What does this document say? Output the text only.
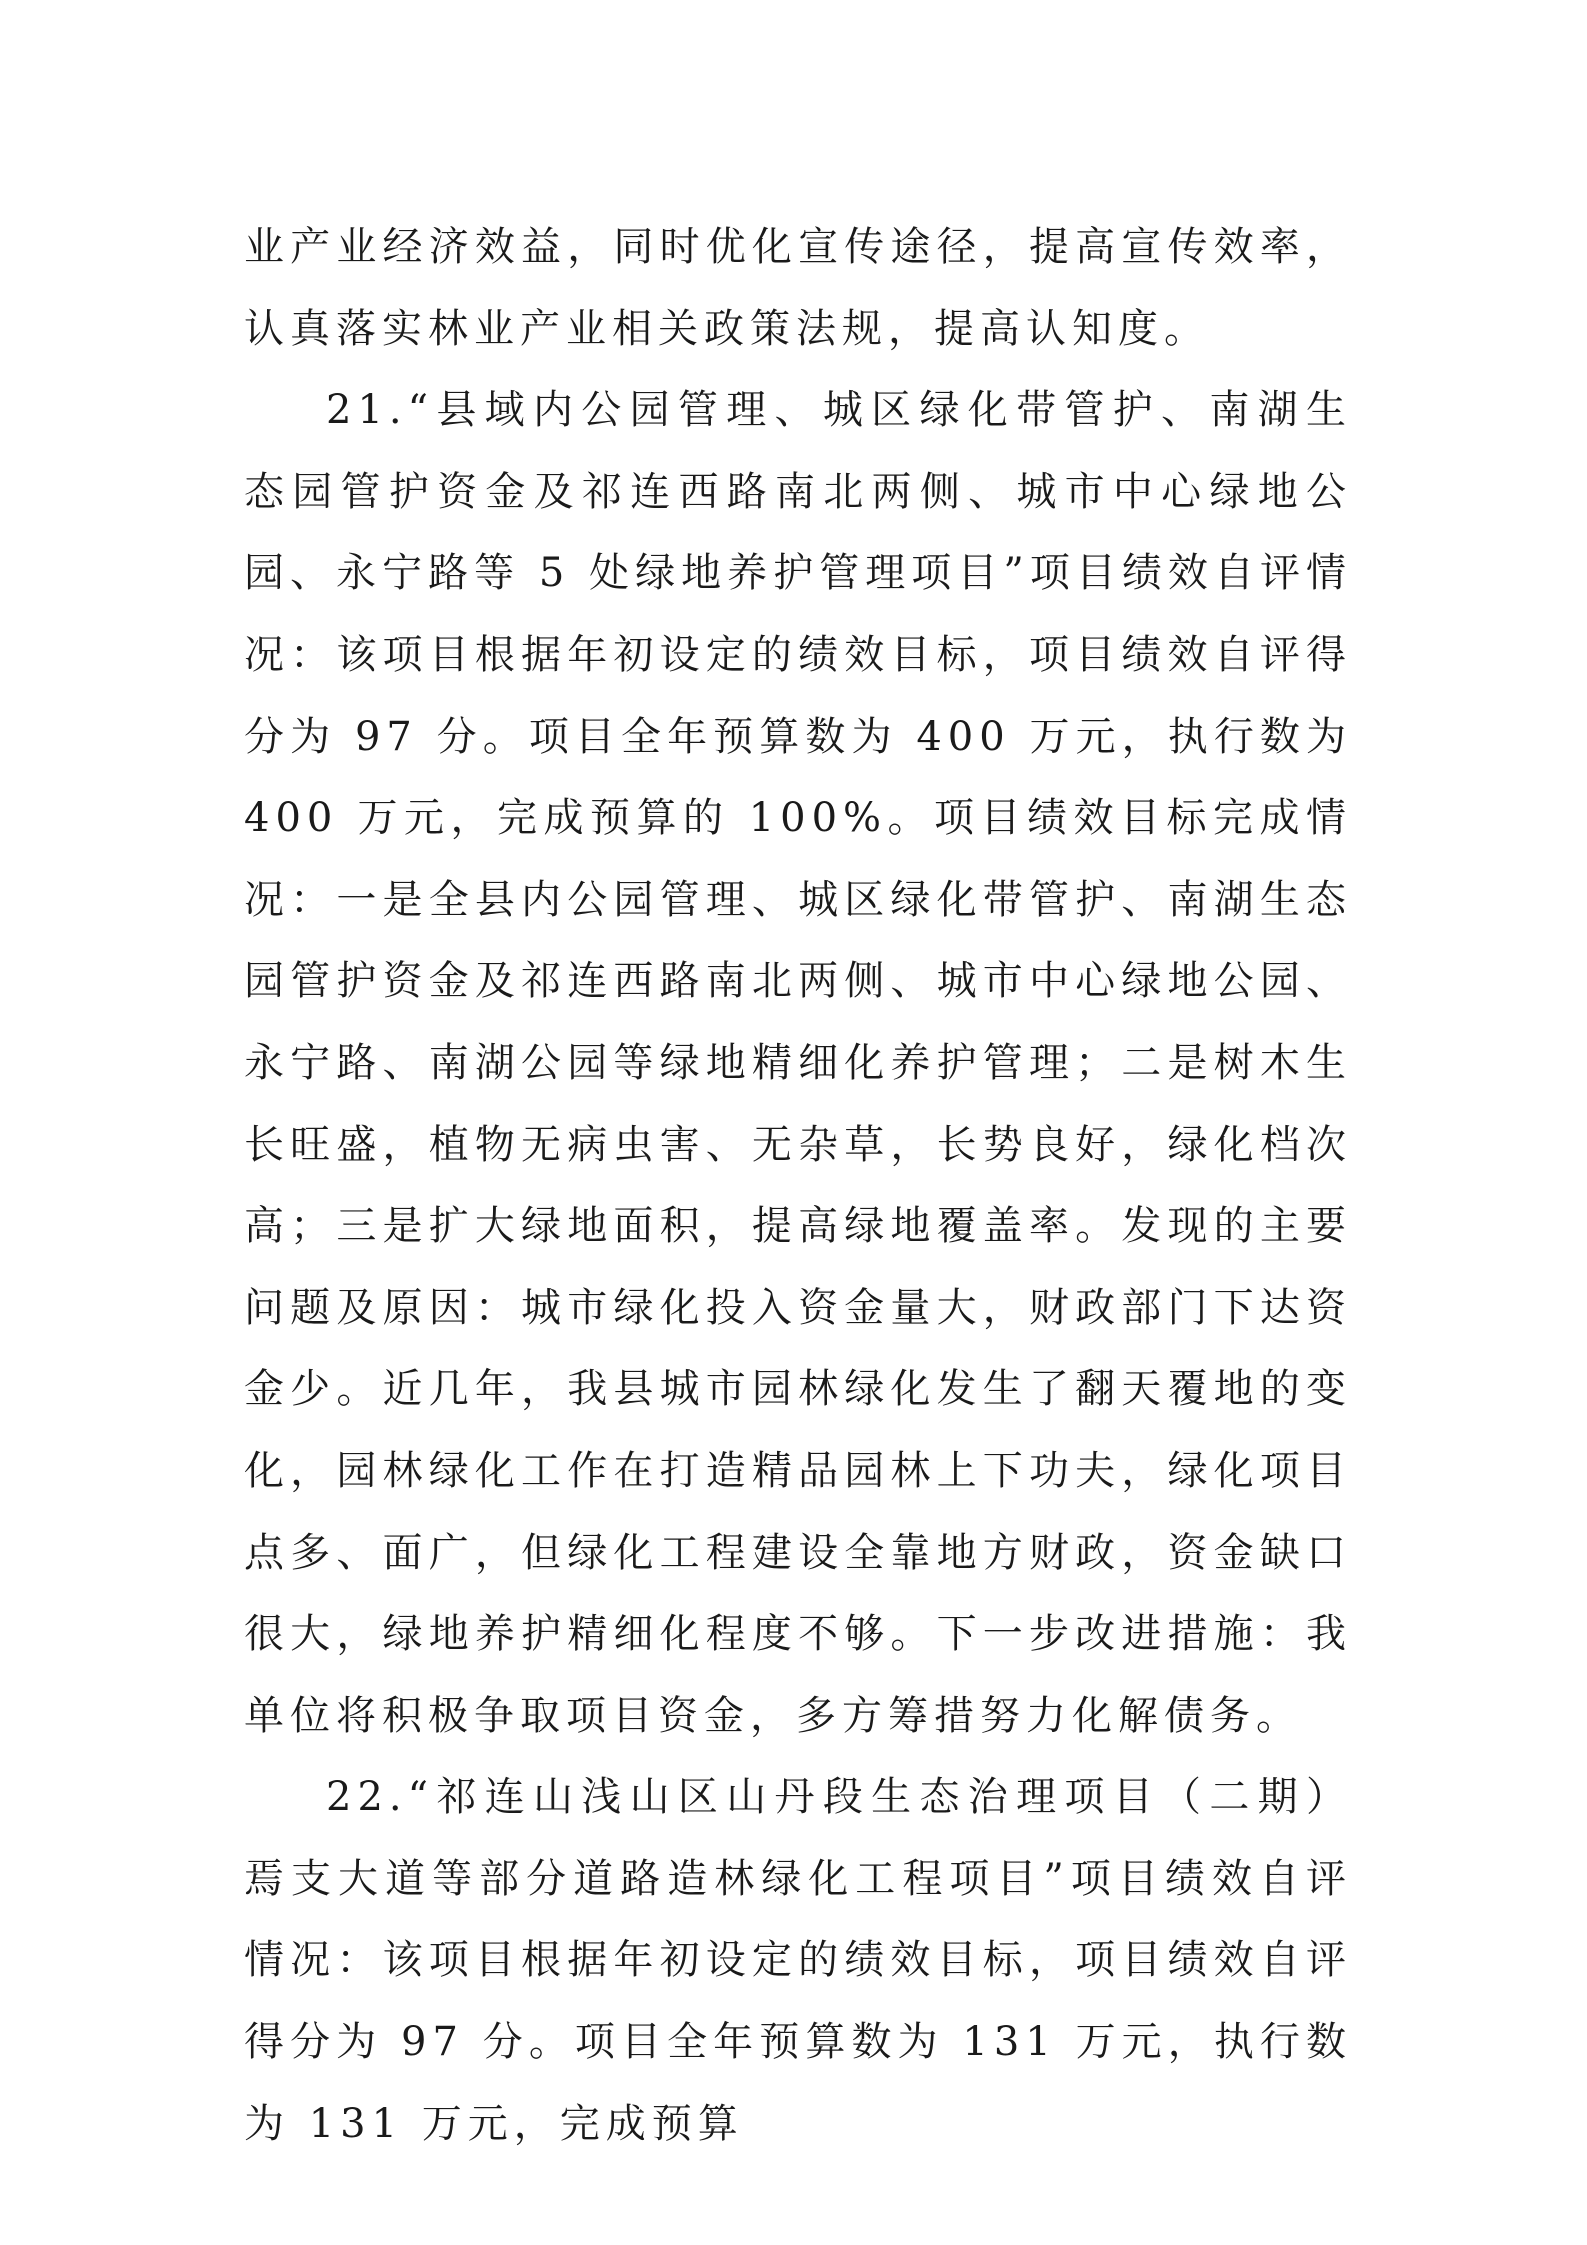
业产业经济效益，同时优化宣传途径，提高宣传效率，认真落实林业产业相关政策法规，提高认知度。

21.“县域内公园管理、城区绿化带管护、南湖生态园管护资金及祁连西路南北两侧、城市中心绿地公园、永宁路等 5 处绿地养护管理项目”项目绩效自评情况：该项目根据年初设定的绩效目标，项目绩效自评得分为 97 分。项目全年预算数为 400 万元，执行数为 400 万元，完成预算的 100%。项目绩效目标完成情况：一是全县内公园管理、城区绿化带管护、南湖生态园管护资金及祁连西路南北两侧、城市中心绿地公园、永宁路、南湖公园等绿地精细化养护管理；二是树木生长旺盛，植物无病虫害、无杂草，长势良好，绿化档次高；三是扩大绿地面积，提高绿地覆盖率。发现的主要问题及原因：城市绿化投入资金量大，财政部门下达资金少。近几年，我县城市园林绿化发生了翻天覆地的变化，园林绿化工作在打造精品园林上下功夫，绿化项目点多、面广，但绿化工程建设全靠地方财政，资金缺口很大，绿地养护精细化程度不够。下一步改进措施：我单位将积极争取项目资金，多方筹措努力化解债务。

22.“祁连山浅山区山丹段生态治理项目（二期）焉支大道等部分道路造林绿化工程项目”项目绩效自评情况：该项目根据年初设定的绩效目标，项目绩效自评得分为 97 分。项目全年预算数为 131 万元，执行数为 131 万元，完成预算
